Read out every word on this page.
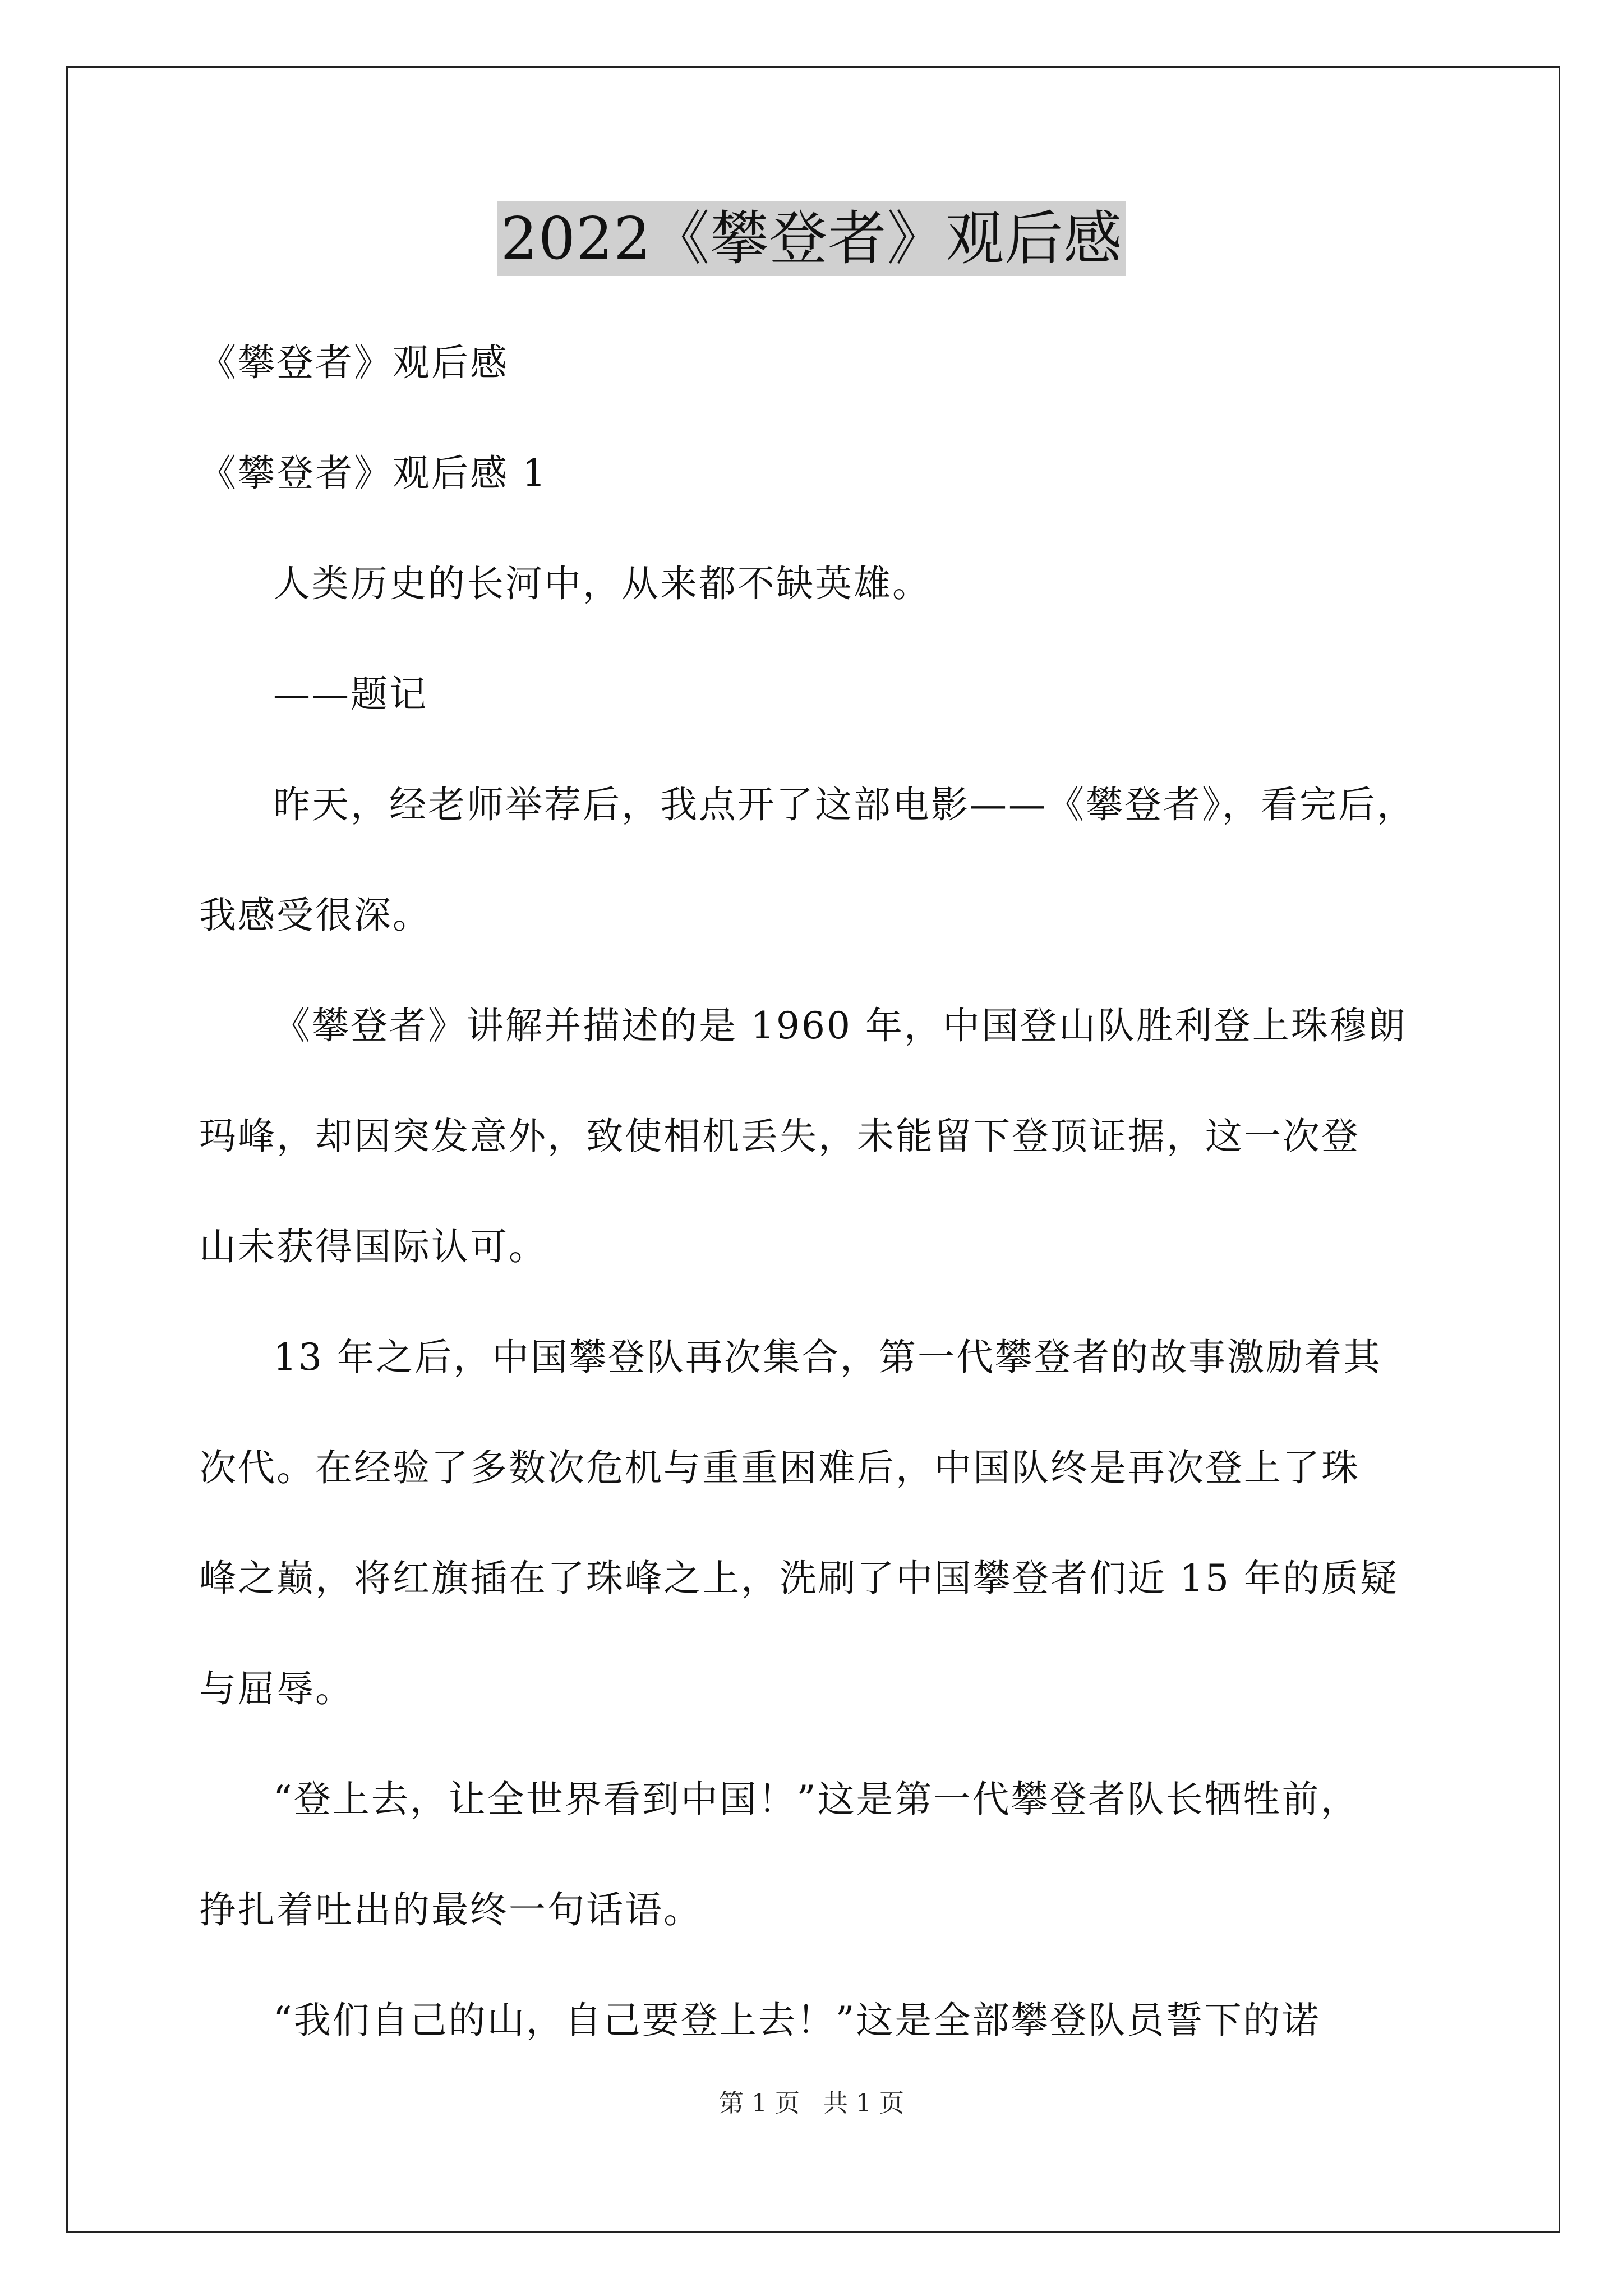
2022《攀登者》观后感
《攀登者》观后感
《攀登者》观后感 1
人类历史的长河中，从来都不缺英雄。
——题记
昨天，经老师举荐后，我点开了这部电影——《攀登者》，看完后，
我感受很深。
《攀登者》讲解并描述的是 1960 年，中国登山队胜利登上珠穆朗
玛峰，却因突发意外，致使相机丢失，未能留下登顶证据，这一次登
山未获得国际认可。
13 年之后，中国攀登队再次集合，第一代攀登者的故事激励着其
次代。在经验了多数次危机与重重困难后，中国队终是再次登上了珠
峰之巅，将红旗插在了珠峰之上，洗刷了中国攀登者们近 15 年的质疑
与屈辱。
“登上去，让全世界看到中国！”这是第一代攀登者队长牺牲前，
挣扎着吐出的最终一句话语。
“我们自己的山，自己要登上去！”这是全部攀登队员誓下的诺
第 1 页 共 1 页
